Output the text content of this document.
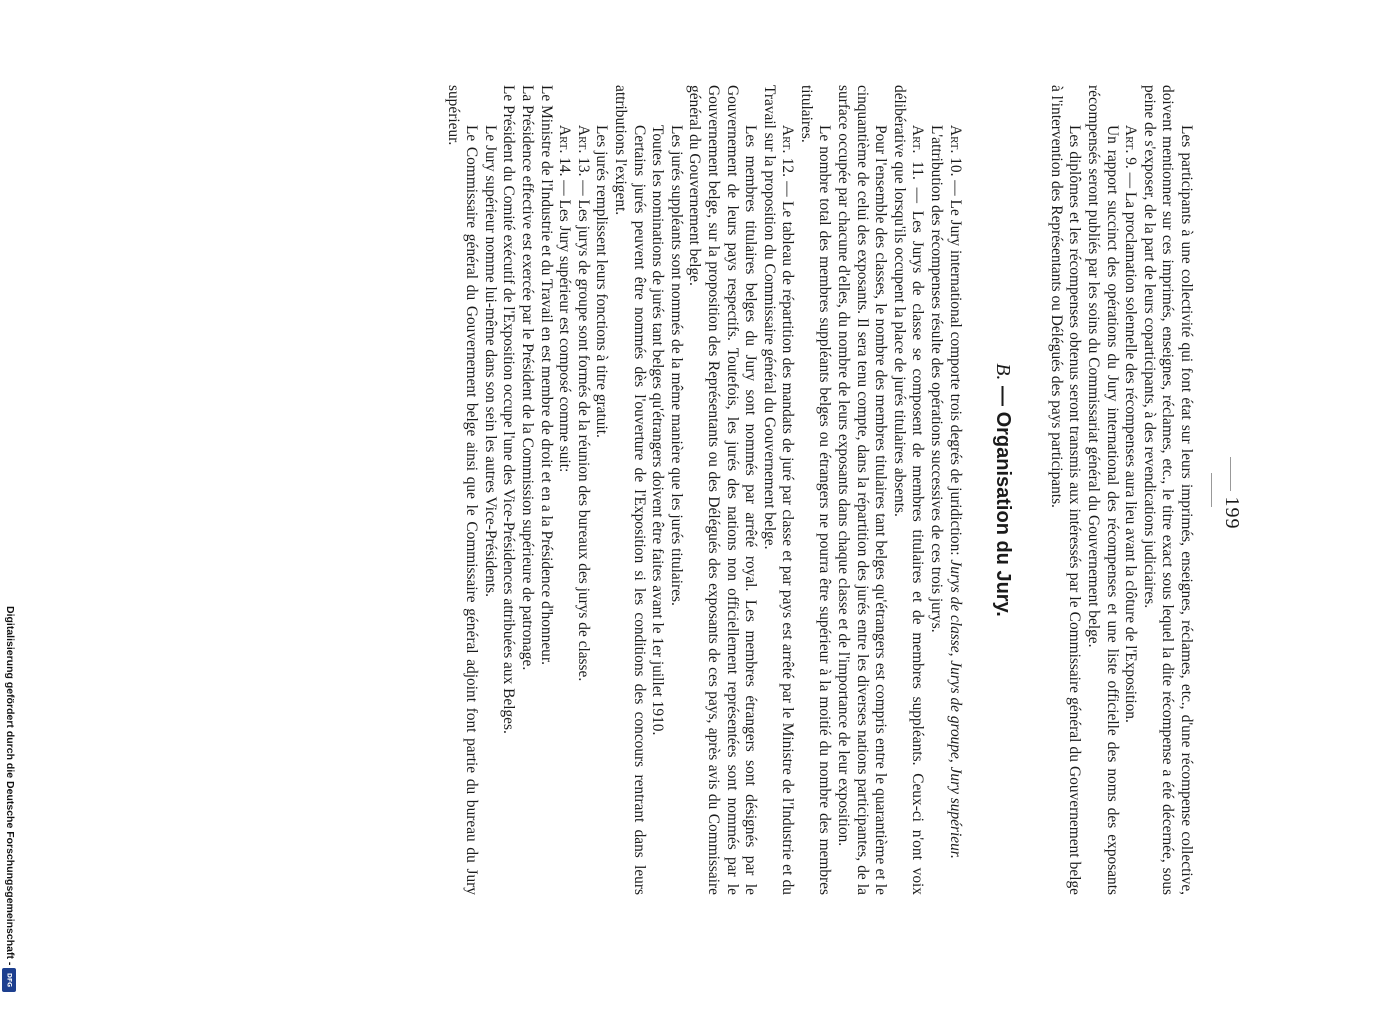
199

Les participants à une collectivité qui font état sur leurs imprimés, enseignes, réclames, etc., d'une récompense collective, doivent mentionner sur ces imprimés, enseignes, réclames, etc., le titre exact sous lequel la dite récompense a été décernée, sous peine de s'exposer, de la part de leurs coparticipants, à des revendications judiciaires.

Art. 9. — La proclamation solennelle des récompenses aura lieu avant la clôture de l'Exposition.

Un rapport succinct des opérations du Jury international des récompenses et une liste officielle des noms des exposants récompensés seront publiés par les soins du Commissariat général du Gouvernement belge.

Les diplômes et les récompenses obtenus seront transmis aux intéressés par le Commissaire général du Gouvernement belge à l'intervention des Représentants ou Délégués des pays participants.

B. — Organisation du Jury.

Art. 10. — Le Jury international comporte trois degrés de juridiction: Jurys de classe, Jurys de groupe, Jury supérieur.

L'attribution des récompenses résulte des opérations successives de ces trois jurys.

Art. 11. — Les Jurys de classe se composent de membres titulaires et de membres suppléants. Ceux-ci n'ont voix délibérative que lorsqu'ils occupent la place de jurés titulaires absents.

Pour l'ensemble des classes, le nombre des membres titulaires tant belges qu'étrangers est compris entre le quarantième et le cinquantième de celui des exposants. Il sera tenu compte, dans la répartition des jurés entre les diverses nations participantes, de la surface occupée par chacune d'elles, du nombre de leurs exposants dans chaque classe et de l'importance de leur exposition.

Le nombre total des membres suppléants belges ou étrangers ne pourra être supérieur à la moitié du nombre des membres titulaires.

Art. 12. — Le tableau de répartition des mandats de juré par classe et par pays est arrêté par le Ministre de l'Industrie et du Travail sur la proposition du Commissaire général du Gouvernement belge.

Les membres titulaires belges du Jury sont nommés par arrêté royal. Les membres étrangers sont désignés par le Gouvernement de leurs pays respectifs. Toutefois, les jurés des nations non officiellement représentées sont nommés par le Gouvernement belge, sur la proposition des Représentants ou des Délégués des exposants de ces pays, après avis du Commissaire général du Gouvernement belge.

Les jurés suppléants sont nommés de la même manière que les jurés titulaires.

Toutes les nominations de jurés tant belges qu'étrangers doivent être faites avant le 1er juillet 1910.

Certains jurés peuvent être nommés dès l'ouverture de l'Exposition si les conditions des concours rentrant dans leurs attributions l'exigent.

Les jurés remplissent leurs fonctions à titre gratuit.

Art. 13. — Les jurys de groupe sont formés de la réunion des bureaux des jurys de classe.

Art. 14. — Les Jury supérieur est composé comme suit:

Le Ministre de l'Industrie et du Travail en est membre de droit et en a la Présidence d'honneur.

La Présidence effective est exercée par le Président de la Commission supérieure de patronage.

Le Président du Comité exécutif de l'Exposition occupe l'une des Vice-Présidences attribuées aux Belges.

Le Jury supérieur nomme lui-même dans son sein les autres Vice-Présidents.

Le Commissaire général du Gouvernement belge ainsi que le Commissaire général adjoint font partie du bureau du Jury supérieur.

Digitalisierung gefördert durch die Deutsche Forschungsgemeinschaft -
DFG
